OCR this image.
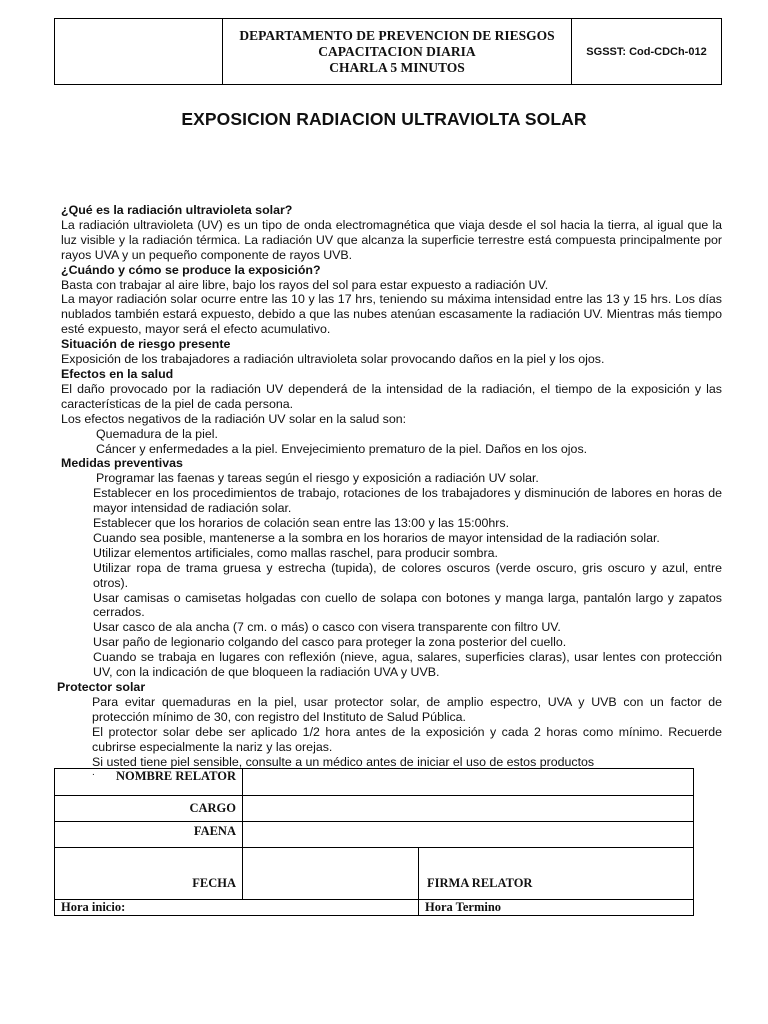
DEPARTAMENTO DE PREVENCION DE RIESGOS
CAPACITACION DIARIA
CHARLA 5 MINUTOS
	SGSST: Cod-CDCh-012
EXPOSICION RADIACION ULTRAVIOLTA SOLAR
¿Qué es la radiación ultravioleta solar?
La radiación ultravioleta (UV) es un tipo de onda electromagnética que viaja desde el sol hacia la tierra, al igual que la luz visible y la radiación térmica. La radiación UV que alcanza la superficie terrestre está compuesta principalmente por rayos UVA y un pequeño componente de rayos UVB.
¿Cuándo y cómo se produce la exposición?
Basta con trabajar al aire libre, bajo los rayos del sol para estar expuesto a radiación UV.
La mayor radiación solar ocurre entre las 10 y las 17 hrs, teniendo su máxima intensidad entre las 13 y 15 hrs. Los días nublados también estará expuesto, debido a que las nubes atenúan escasamente la radiación UV. Mientras más tiempo esté expuesto, mayor será el efecto acumulativo.
Situación de riesgo presente
Exposición de los trabajadores a radiación ultravioleta solar provocando daños en la piel y los ojos.
Efectos en la salud
El daño provocado por la radiación UV dependerá de la intensidad de la radiación, el tiempo de la exposición y las características de la piel de cada persona.
Los efectos negativos de la radiación UV solar en la salud son:
Quemadura de la piel.
Cáncer y enfermedades a la piel. Envejecimiento prematuro de la piel. Daños en los ojos.
Medidas preventivas
Programar las faenas y tareas según el riesgo y exposición a radiación UV solar.
Establecer en los procedimientos de trabajo, rotaciones de los trabajadores y disminución de labores en horas de mayor intensidad de radiación solar.
Establecer que los horarios de colación sean entre las 13:00 y las 15:00hrs.
Cuando sea posible, mantenerse a la sombra en los horarios de mayor intensidad de la radiación solar.
Utilizar elementos artificiales, como mallas raschel, para producir sombra.
Utilizar ropa de trama gruesa y estrecha (tupida), de colores oscuros (verde oscuro, gris oscuro y azul, entre otros).
Usar camisas o camisetas holgadas con cuello de solapa con botones y manga larga, pantalón largo y zapatos cerrados.
Usar casco de ala ancha (7 cm. o más) o casco con visera transparente con filtro UV.
Usar paño de legionario colgando del casco para proteger la zona posterior del cuello.
Cuando se trabaja en lugares con reflexión (nieve, agua, salares, superficies claras), usar lentes con protección UV, con la indicación de que bloqueen la radiación UVA y UVB.
Protector solar
Para evitar quemaduras en la piel, usar protector solar, de amplio espectro, UVA y UVB con un factor de protección mínimo de 30, con registro del Instituto de Salud Pública.
El protector solar debe ser aplicado 1/2 hora antes de la exposición y cada 2 horas como mínimo. Recuerde cubrirse especialmente la nariz y las orejas.
Si usted tiene piel sensible, consulte a un médico antes de iniciar el uso de estos productos
.	NOMBRE RELATOR		
CARGO		
FAENA		
FECHA		FIRMA RELATOR
Hora inicio:		Hora Termino
